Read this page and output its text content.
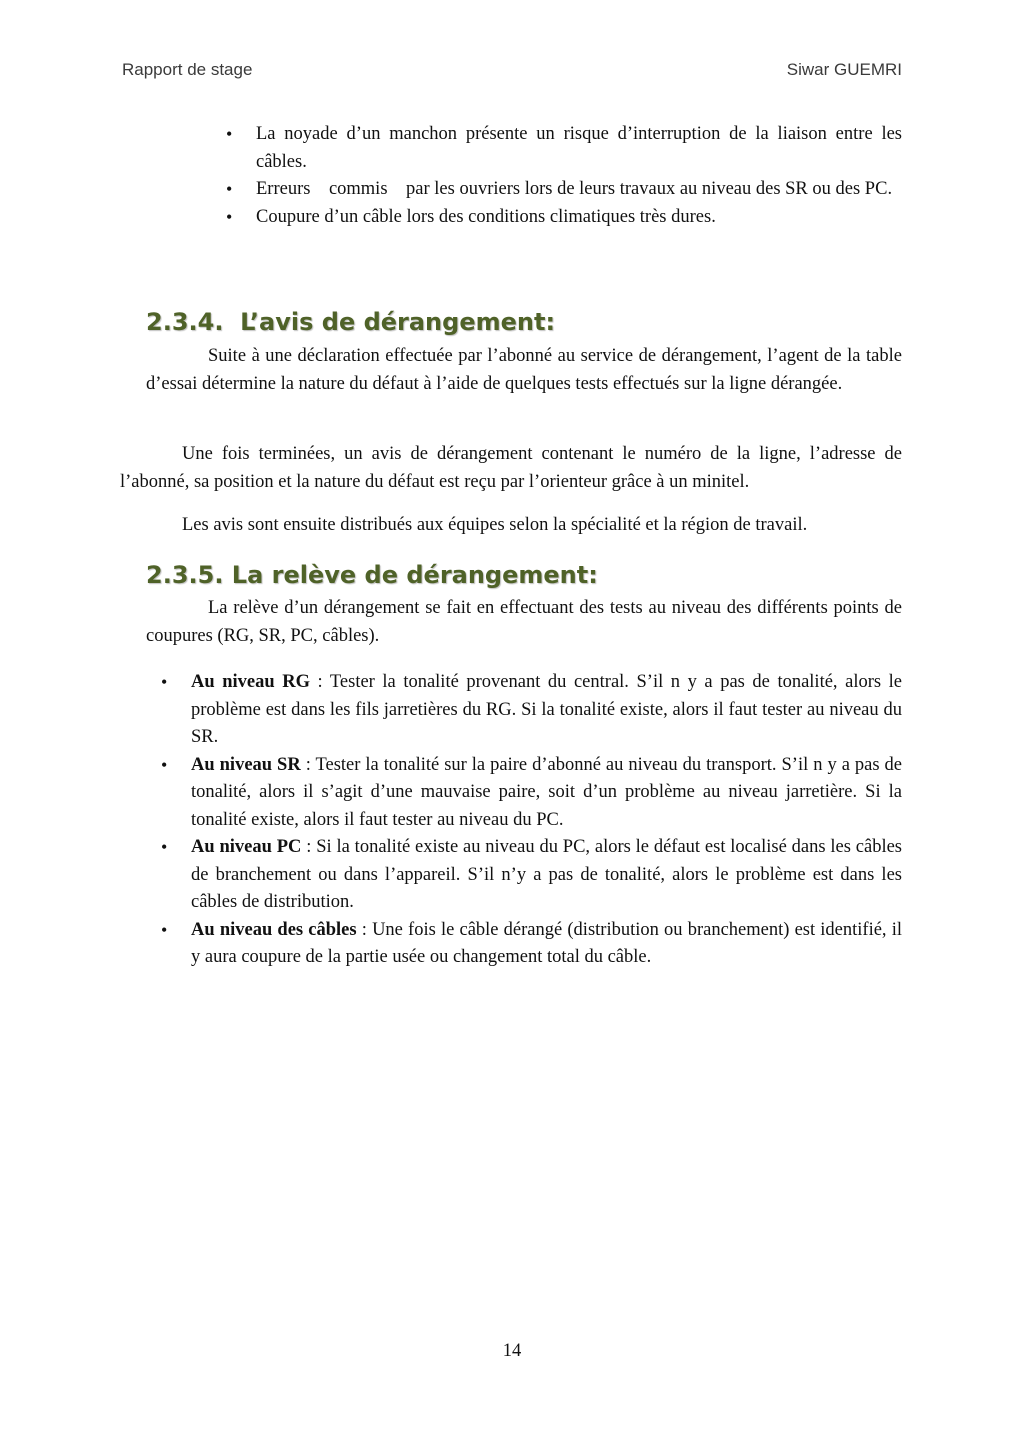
Rapport de stage	Siwar GUEMRI
• La noyade d’un manchon présente un risque d’interruption de la liaison entre les câbles.
• Erreurs    commis    par les ouvriers lors de leurs travaux au niveau des SR ou des PC.
• Coupure d’un câble lors des conditions climatiques très dures.
2.3.4.  L’avis de dérangement:

Suite à une déclaration effectuée par l’abonné au service de dérangement, l’agent de la table d’essai détermine la nature du défaut à l’aide de quelques tests effectués sur la ligne dérangée.

Une fois terminées, un avis de dérangement contenant le numéro de la ligne, l’adresse de l’abonné, sa position et la nature du défaut est reçu par l’orienteur grâce à un minitel.

Les avis sont ensuite distribués aux équipes selon la spécialité et la région de travail.

2.3.5. La relève de dérangement:

La relève d’un dérangement se fait en effectuant des tests au niveau des différents points de coupures (RG, SR, PC, câbles).

• Au niveau RG : Tester la tonalité provenant du central. S’il n y a pas de tonalité, alors le problème est dans les fils jarretières du RG. Si la tonalité existe, alors il faut tester au niveau du SR.
• Au niveau SR : Tester la tonalité sur la paire d’abonné au niveau du transport. S’il n y a pas de tonalité, alors il s’agit d’une mauvaise paire, soit d’un problème au niveau jarretière. Si la tonalité existe, alors il faut tester au niveau du PC.
• Au niveau PC : Si la tonalité existe au niveau du PC, alors le défaut est localisé dans les câbles de branchement ou dans l’appareil. S’il n’y a pas de tonalité, alors le problème est dans les câbles de distribution.
• Au niveau des câbles : Une fois le câble dérangé (distribution ou branchement) est identifié, il y aura coupure de la partie usée ou changement total du câble.
14
